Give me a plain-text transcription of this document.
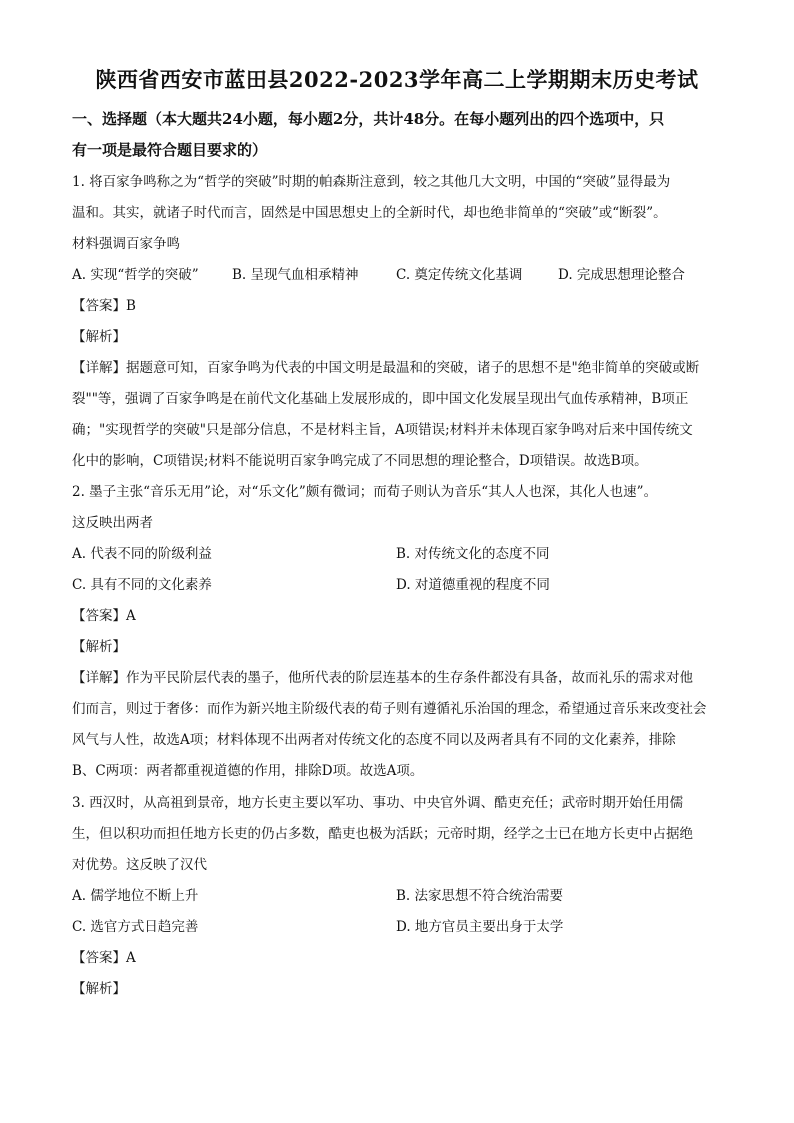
陕西省西安市蓝田县2022-2023学年高二上学期期末历史考试
一、选择题（本大题共24小题，每小题2分，共计48分。在每小题列出的四个选项中，只
有一项是最符合题目要求的）
1. 将百家争鸣称之为“哲学的突破”时期的帕森斯注意到，较之其他几大文明，中国的“突破”显得最为
温和。其实，就诸子时代而言，固然是中国思想史上的全新时代，却也绝非简单的“突破”或“断裂”。
材料强调百家争鸣
A. 实现“哲学的突破” B. 呈现气血相承精神	C. 奠定传统文化基调	D. 完成思想理论整合
【答案】B
【解析】
【详解】据题意可知，百家争鸣为代表的中国文明是最温和的突破，诸子的思想不是"绝非简单的突破或断
裂""等，强调了百家争鸣是在前代文化基础上发展形成的，即中国文化发展呈现出气血传承精神，B项正
确；"实现哲学的突破"只是部分信息，不是材料主旨，A项错误;材料并未体现百家争鸣对后来中国传统文
化中的影响，C项错误;材料不能说明百家争鸣完成了不同思想的理论整合，D项错误。故选B项。
2. 墨子主张“音乐无用”论，对“乐文化”颇有微词；而荀子则认为音乐“其人人也深，其化人也速”。
这反映出两者
A. 代表不同的阶级利益	B. 对传统文化的态度不同
C. 具有不同的文化素养	D. 对道德重视的程度不同
【答案】A
【解析】
【详解】作为平民阶层代表的墨子，他所代表的阶层连基本的生存条件都没有具备，故而礼乐的需求对他
们而言，则过于奢侈：而作为新兴地主阶级代表的荀子则有遵循礼乐治国的理念，希望通过音乐来改变社会
风气与人性，故选A项；材料体现不出两者对传统文化的态度不同以及两者具有不同的文化素养，排除
B、C两项：两者都重视道德的作用，排除D项。故选A项。
3. 西汉时，从高祖到景帝，地方长吏主要以军功、事功、中央官外调、酷吏充任；武帝时期开始任用儒
生，但以积功而担任地方长吏的仍占多数，酷吏也极为活跃；元帝时期，经学之士已在地方长吏中占据绝
对优势。这反映了汉代
A. 儒学地位不断上升	B. 法家思想不符合统治需要
C. 选官方式日趋完善	D. 地方官员主要出身于太学
【答案】A
【解析】
